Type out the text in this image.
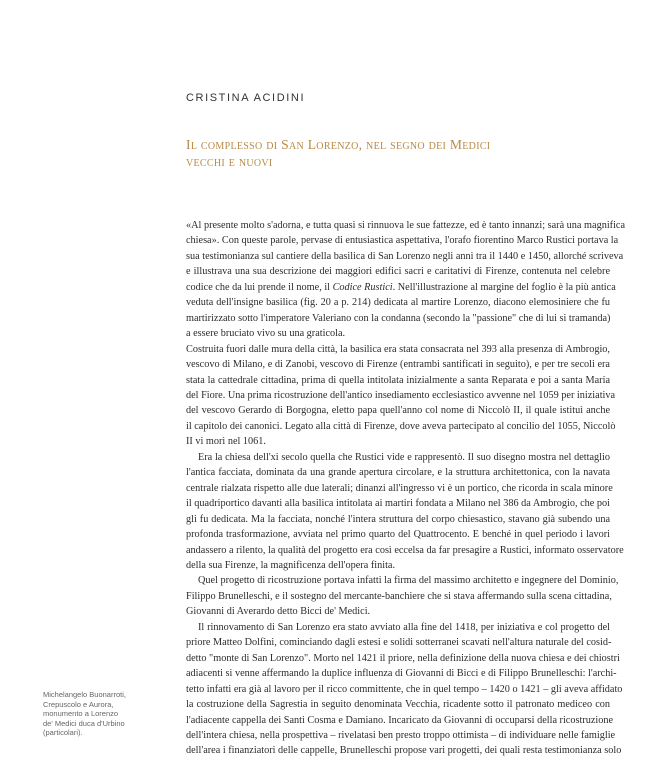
CRISTINA ACIDINI
Il complesso di San Lorenzo, nel segno dei Medici
vecchi e nuovi

«Al presente molto s'adorna, e tutta quasi si rinnuova le sue fattezze, ed è tanto innanzi; sarà una magnifica
chiesa». Con queste parole, pervase di entusiastica aspettativa, l'orafo fiorentino Marco Rustici portava la
sua testimonianza sul cantiere della basilica di San Lorenzo negli anni tra il 1440 e 1450, allorché scriveva
e illustrava una sua descrizione dei maggiori edifici sacri e caritativi di Firenze, contenuta nel celebre
codice che da lui prende il nome, il Codice Rustici. Nell'illustrazione al margine del foglio è la più antica
veduta dell'insigne basilica (fig. 20 a p. 214) dedicata al martire Lorenzo, diacono elemosiniere che fu
martirizzato sotto l'imperatore Valeriano con la condanna (secondo la "passione" che di lui si tramanda)
a essere bruciato vivo su una graticola.

Costruita fuori dalle mura della città, la basilica era stata consacrata nel 393 alla presenza di Ambrogio,
vescovo di Milano, e di Zanobi, vescovo di Firenze (entrambi santificati in seguito), e per tre secoli era
stata la cattedrale cittadina, prima di quella intitolata inizialmente a santa Reparata e poi a santa Maria
del Fiore. Una prima ricostruzione dell'antico insediamento ecclesiastico avvenne nel 1059 per iniziativa
del vescovo Gerardo di Borgogna, eletto papa quell'anno col nome di Niccolò II, il quale istituì anche
il capitolo dei canonici. Legato alla città di Firenze, dove aveva partecipato al concilio del 1055, Niccolò
II vi morì nel 1061.

Era la chiesa dell'xi secolo quella che Rustici vide e rappresentò. Il suo disegno mostra nel dettaglio
l'antica facciata, dominata da una grande apertura circolare, e la struttura architettonica, con la navata
centrale rialzata rispetto alle due laterali; dinanzi all'ingresso vi è un portico, che ricorda in scala minore
il quadriportico davanti alla basilica intitolata ai martiri fondata a Milano nel 386 da Ambrogio, che poi
gli fu dedicata. Ma la facciata, nonché l'intera struttura del corpo chiesastico, stavano già subendo una
profonda trasformazione, avviata nel primo quarto del Quattrocento. E benché in quel periodo i lavori
andassero a rilento, la qualità del progetto era così eccelsa da far presagire a Rustici, informato osservatore
della sua Firenze, la magnificenza dell'opera finita.

Quel progetto di ricostruzione portava infatti la firma del massimo architetto e ingegnere del Dominio,
Filippo Brunelleschi, e il sostegno del mercante-banchiere che si stava affermando sulla scena cittadina,
Giovanni di Averardo detto Bicci de' Medici.

Il rinnovamento di San Lorenzo era stato avviato alla fine del 1418, per iniziativa e col progetto del
priore Matteo Dolfini, cominciando dagli estesi e solidi sotterranei scavati nell'altura naturale del cosid-
detto "monte di San Lorenzo". Morto nel 1421 il priore, nella definizione della nuova chiesa e dei chiostri
adiacenti si venne affermando la duplice influenza di Giovanni di Bicci e di Filippo Brunelleschi: l'archi-
tetto infatti era già al lavoro per il ricco committente, che in quel tempo – 1420 o 1421 – gli aveva affidato
la costruzione della Sagrestia in seguito denominata Vecchia, ricadente sotto il patronato mediceo con
l'adiacente cappella dei Santi Cosma e Damiano. Incaricato da Giovanni di occuparsi della ricostruzione
dell'intera chiesa, nella prospettiva – rivelatasi ben presto troppo ottimista – di individuare nelle famiglie
dell'area i finanziatori delle cappelle, Brunelleschi propose vari progetti, dei quali resta testimonianza solo

Michelangelo Buonarroti,
Crepuscolo e Aurora,
monumento a Lorenzo
de' Medici duca d'Urbino
(particolari).
